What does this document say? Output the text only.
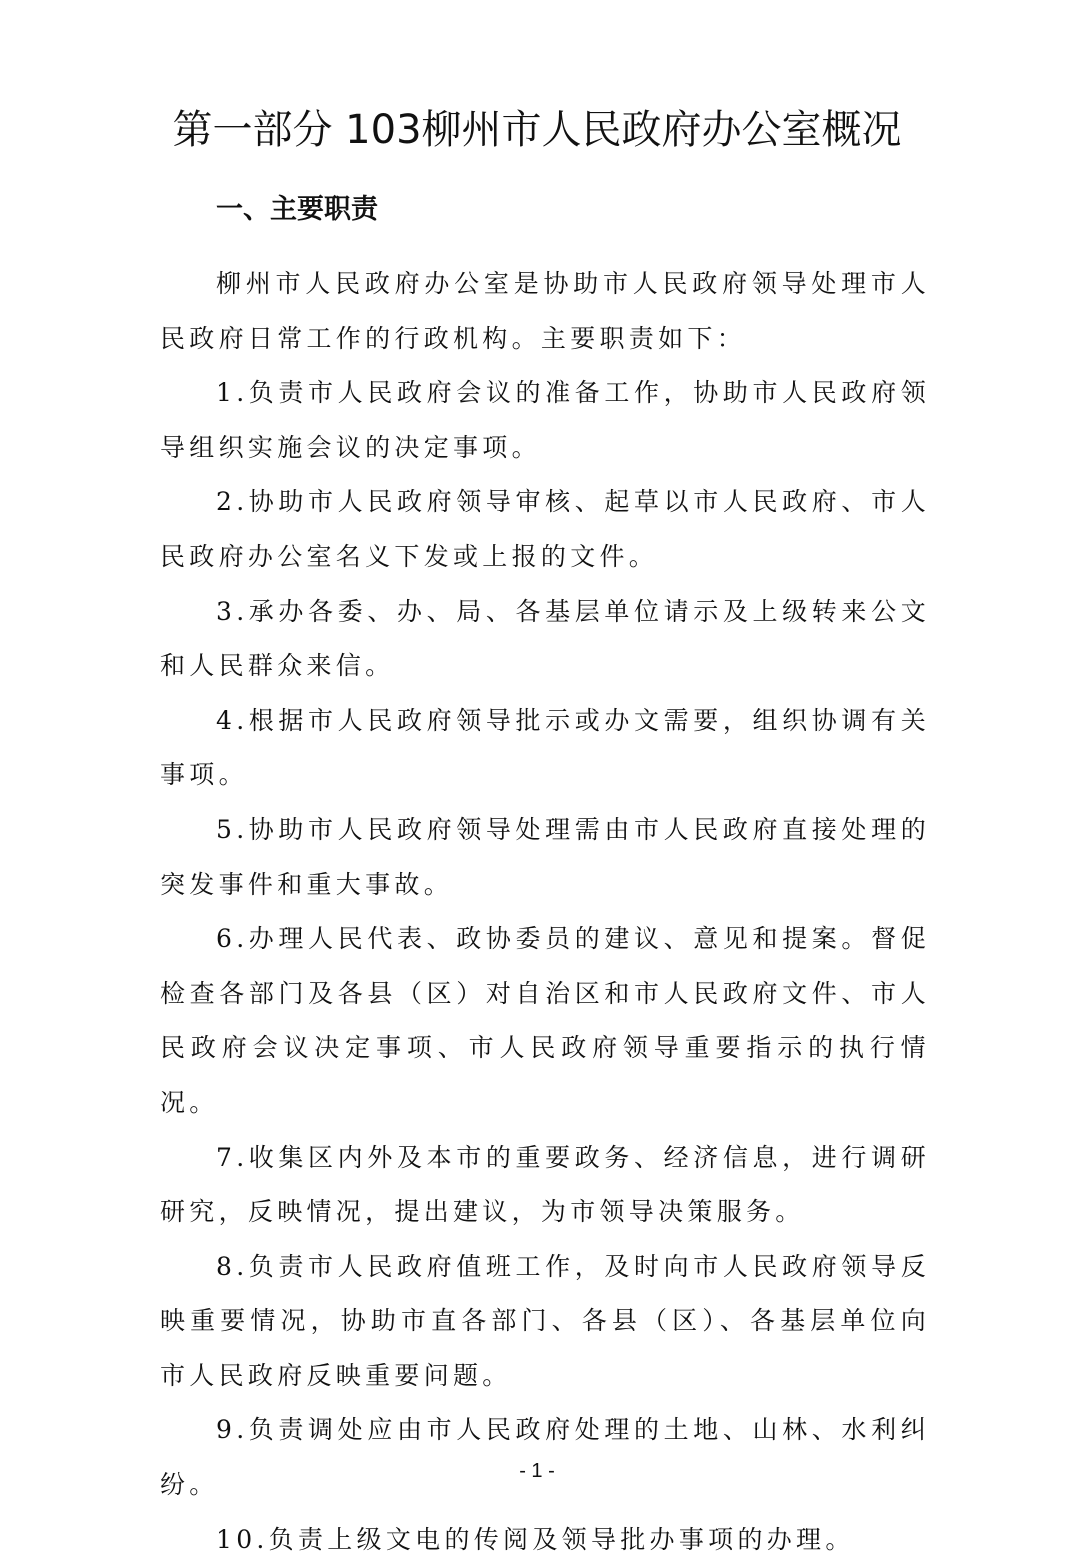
第一部分 103柳州市人民政府办公室概况
一、主要职责

柳州市人民政府办公室是协助市人民政府领导处理市人民政府日常工作的行政机构。主要职责如下：

1.负责市人民政府会议的准备工作，协助市人民政府领导组织实施会议的决定事项。

2.协助市人民政府领导审核、起草以市人民政府、市人民政府办公室名义下发或上报的文件。

3.承办各委、办、局、各基层单位请示及上级转来公文和人民群众来信。

4.根据市人民政府领导批示或办文需要，组织协调有关事项。

5.协助市人民政府领导处理需由市人民政府直接处理的突发事件和重大事故。

6.办理人民代表、政协委员的建议、意见和提案。督促检查各部门及各县（区）对自治区和市人民政府文件、市人民政府会议决定事项、市人民政府领导重要指示的执行情况。

7.收集区内外及本市的重要政务、经济信息，进行调研研究，反映情况，提出建议，为市领导决策服务。

8.负责市人民政府值班工作，及时向市人民政府领导反映重要情况，协助市直各部门、各县（区）、各基层单位向市人民政府反映重要问题。

9.负责调处应由市人民政府处理的土地、山林、水利纠纷。

10.负责上级文电的传阅及领导批办事项的办理。

- 1 -
